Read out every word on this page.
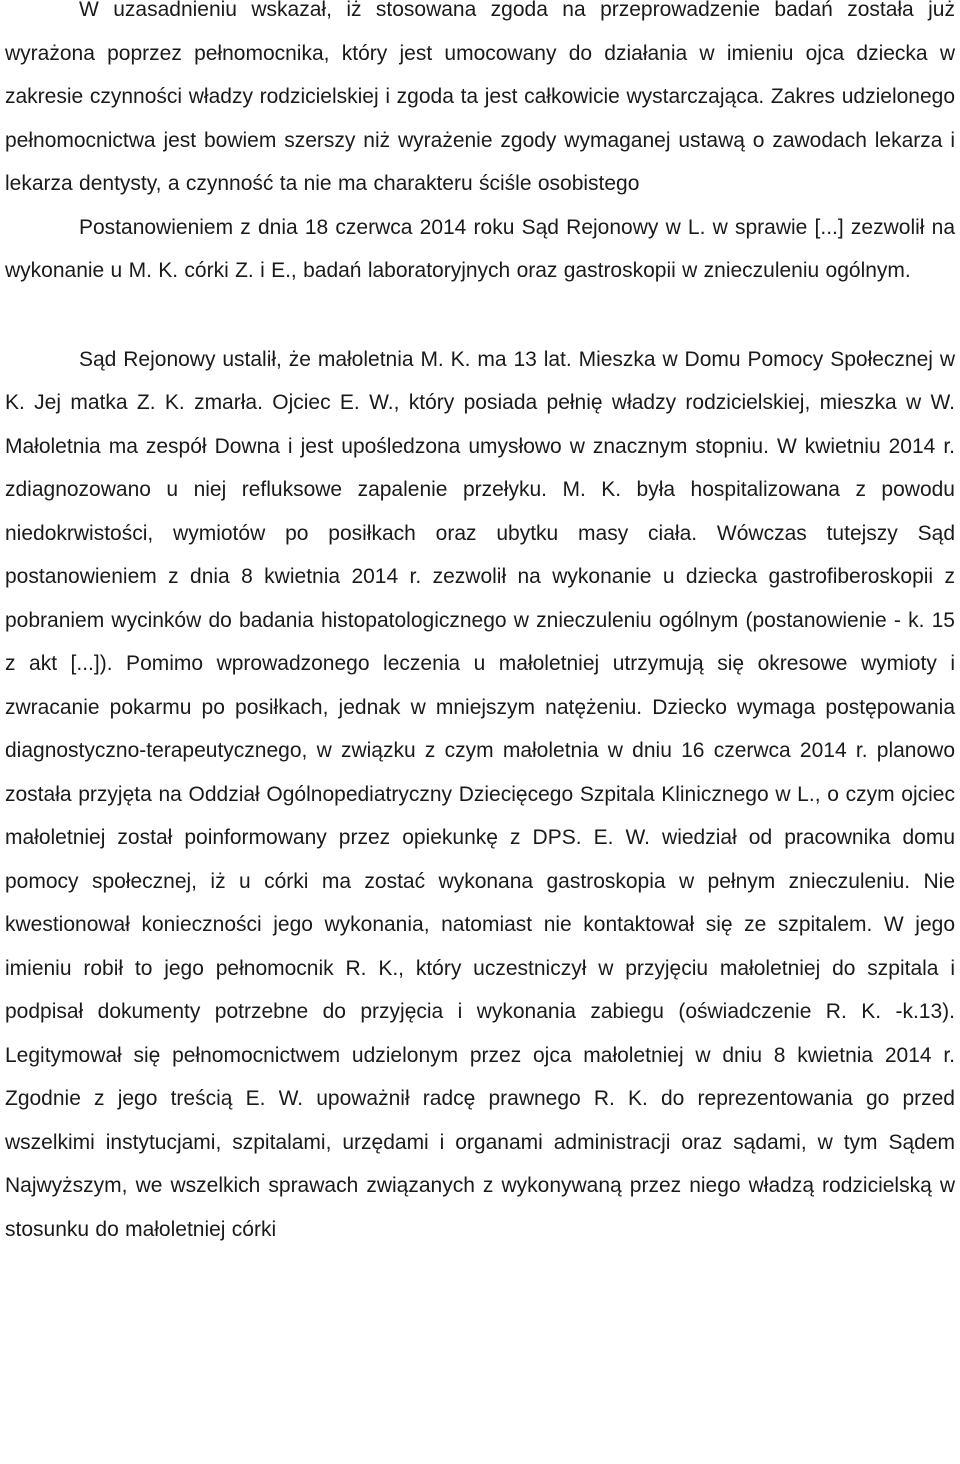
W uzasadnieniu wskazał, iż stosowana zgoda na przeprowadzenie badań została już wyrażona poprzez pełnomocnika, który jest umocowany do działania w imieniu ojca dziecka w zakresie czynności władzy rodzicielskiej i zgoda ta jest całkowicie wystarczająca. Zakres udzielonego pełnomocnictwa jest bowiem szerszy niż wyrażenie zgody wymaganej ustawą o zawodach lekarza i lekarza dentysty, a czynność ta nie ma charakteru ściśle osobistego

Postanowieniem z dnia 18 czerwca 2014 roku Sąd Rejonowy w L. w sprawie [...] zezwolił na wykonanie u M. K. córki Z. i E., badań laboratoryjnych oraz gastroskopii w znieczuleniu ogólnym.

Sąd Rejonowy ustalił, że małoletnia M. K. ma 13 lat. Mieszka w Domu Pomocy Społecznej w K. Jej matka Z. K. zmarła. Ojciec E. W., który posiada pełnię władzy rodzicielskiej, mieszka w W. Małoletnia ma zespół Downa i jest upośledzona umysłowo w znacznym stopniu. W kwietniu 2014 r. zdiagnozowano u niej refluksowe zapalenie przełyku. M. K. była hospitalizowana z powodu niedokrwistości, wymiotów po posiłkach oraz ubytku masy ciała. Wówczas tutejszy Sąd postanowieniem z dnia 8 kwietnia 2014 r. zezwolił na wykonanie u dziecka gastrofiberoskopii z pobraniem wycinków do badania histopatologicznego w znieczuleniu ogólnym (postanowienie - k. 15 z akt [...]). Pomimo wprowadzonego leczenia u małoletniej utrzymują się okresowe wymioty i zwracanie pokarmu po posiłkach, jednak w mniejszym natężeniu. Dziecko wymaga postępowania diagnostyczno-terapeutycznego, w związku z czym małoletnia w dniu 16 czerwca 2014 r. planowo została przyjęta na Oddział Ogólnopediatryczny Dziecięcego Szpitala Klinicznego w L., o czym ojciec małoletniej został poinformowany przez opiekunkę z DPS. E. W. wiedział od pracownika domu pomocy społecznej, iż u córki ma zostać wykonana gastroskopia w pełnym znieczuleniu. Nie kwestionował konieczności jego wykonania, natomiast nie kontaktował się ze szpitalem. W jego imieniu robił to jego pełnomocnik R. K., który uczestniczył w przyjęciu małoletniej do szpitala i podpisał dokumenty potrzebne do przyjęcia i wykonania zabiegu (oświadczenie R. K. -k.13). Legitymował się pełnomocnictwem udzielonym przez ojca małoletniej w dniu 8 kwietnia 2014 r. Zgodnie z jego treścią E. W. upoważnił radcę prawnego R. K. do reprezentowania go przed wszelkimi instytucjami, szpitalami, urzędami i organami administracji oraz sądami, w tym Sądem Najwyższym, we wszelkich sprawach związanych z wykonywaną przez niego władzą rodzicielską w stosunku do małoletniej córki
